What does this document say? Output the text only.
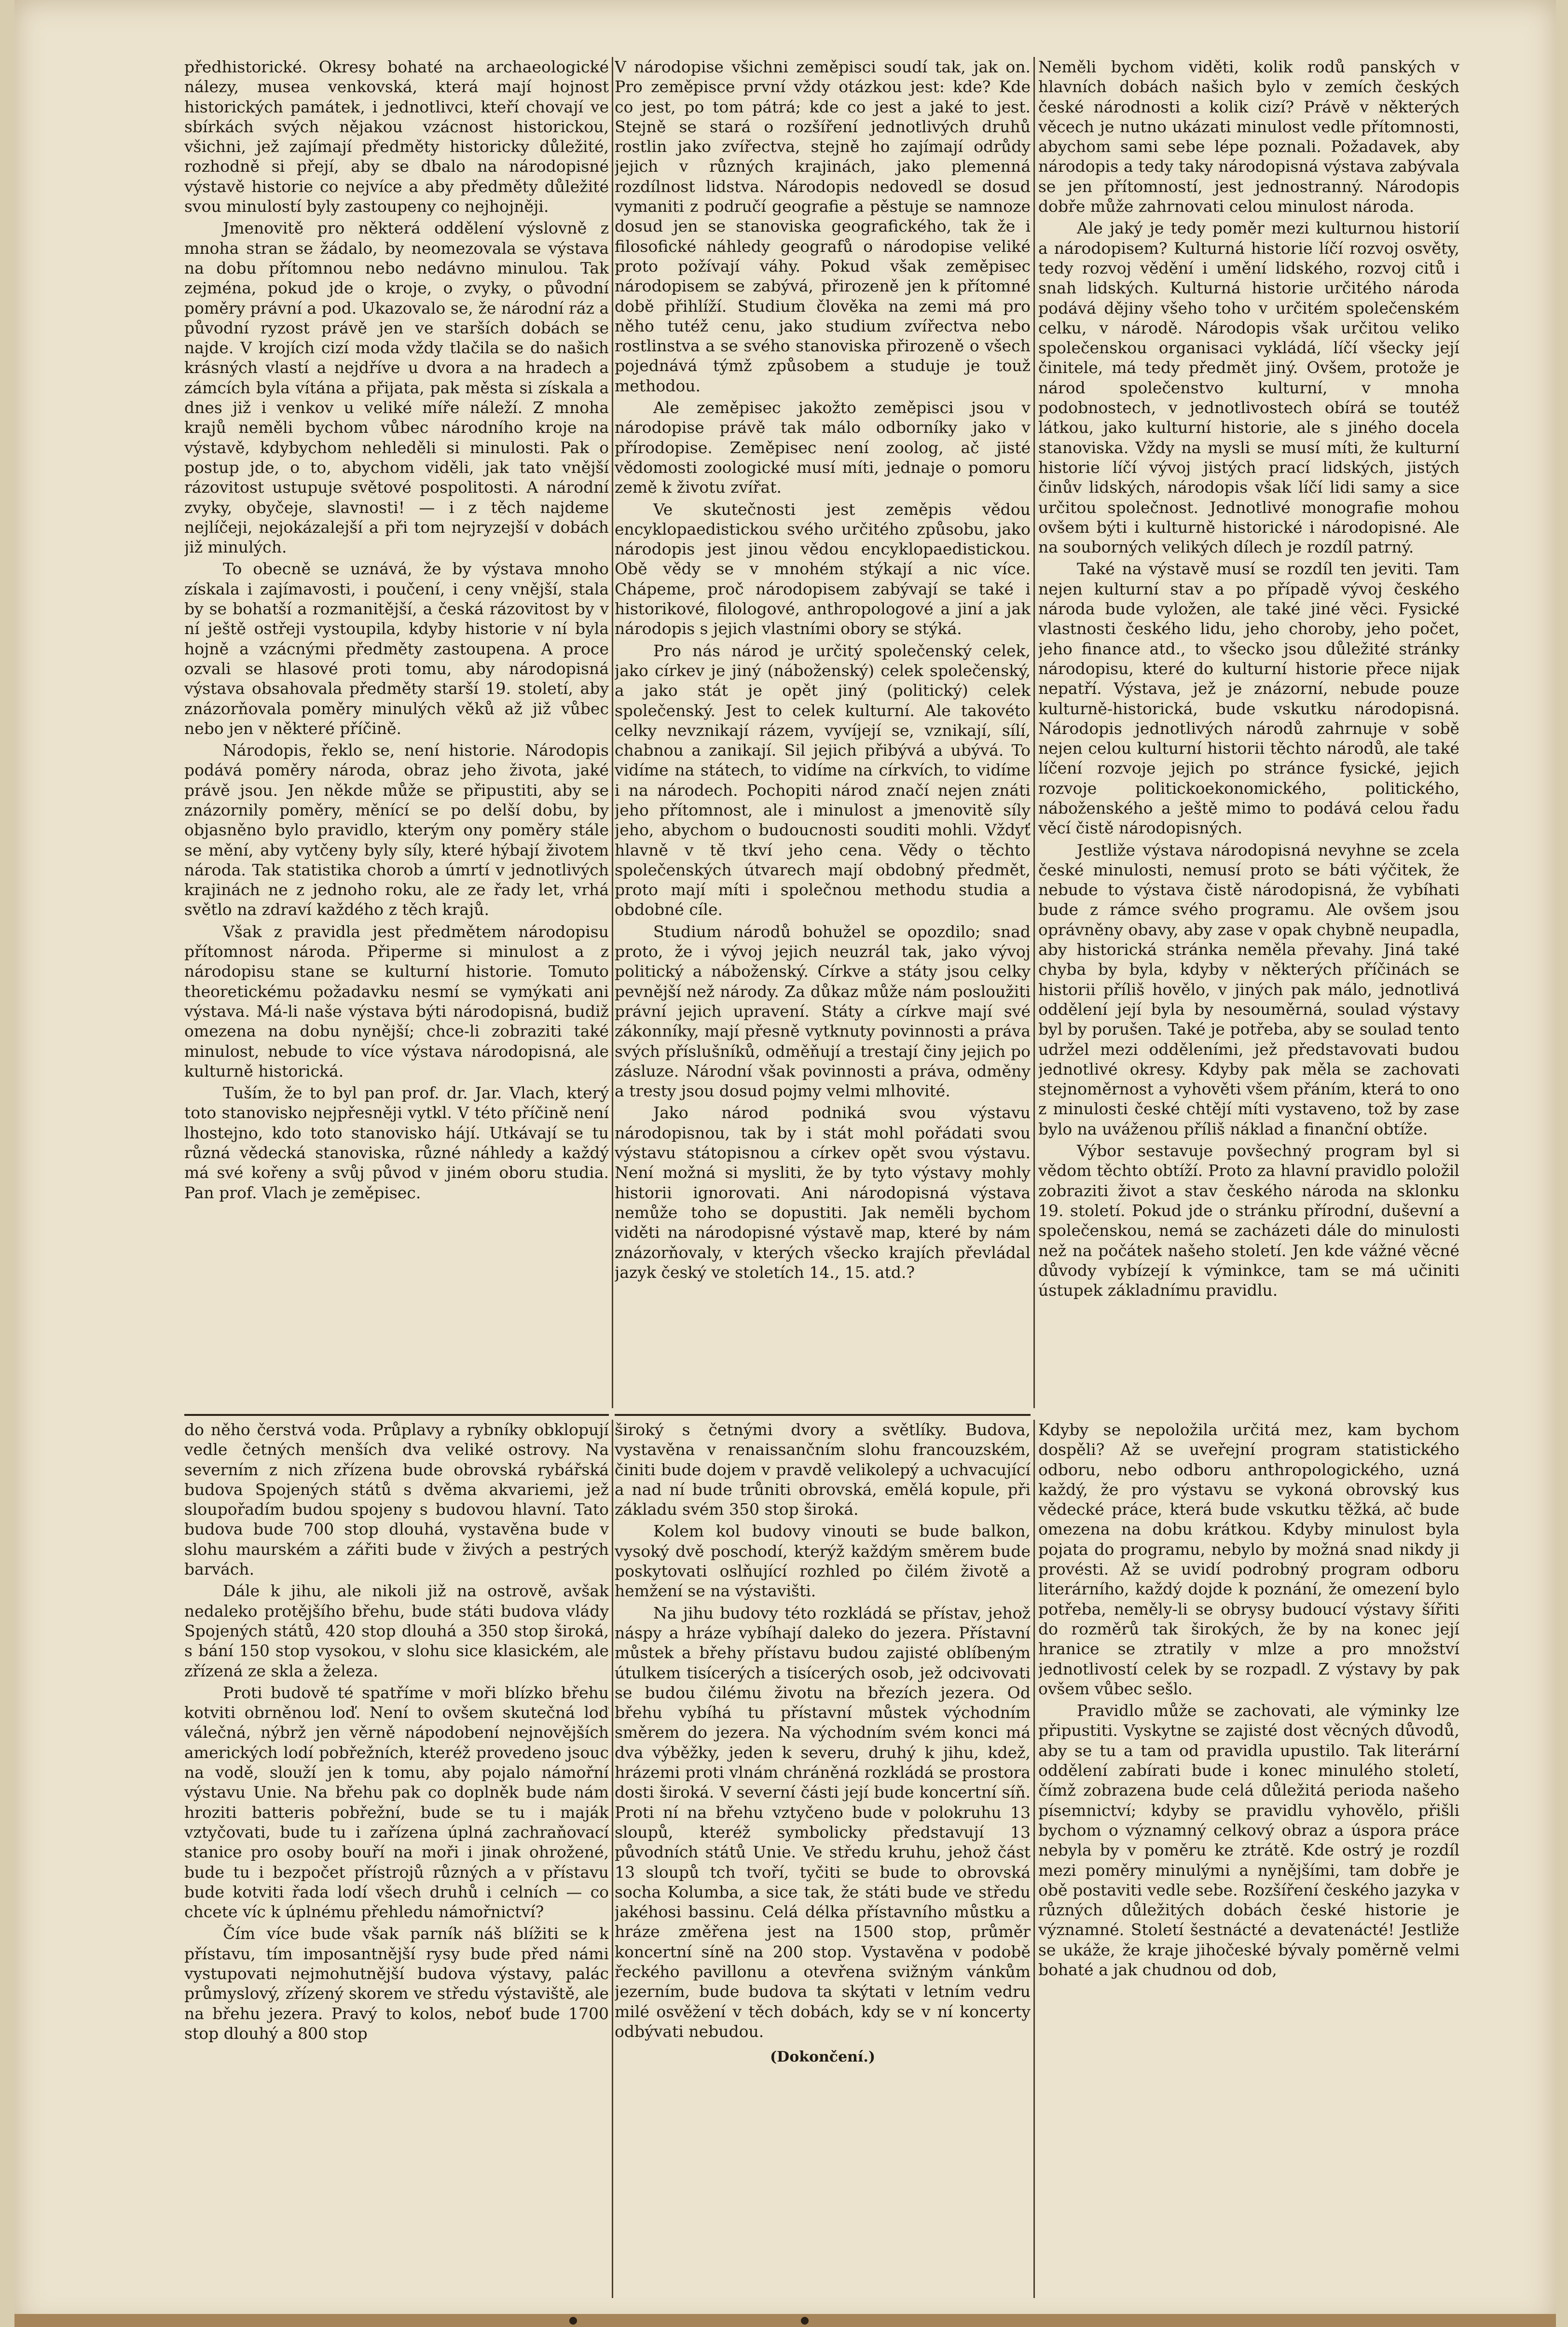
předhistorické. Okresy bohaté na archaeologické nálezy, musea venkovská, která mají hojnost historických památek, i jednotlivci, kteří chovají ve sbírkách svých nějakou vzácnost historickou, všichni, jež zajímají předměty historicky důležité, rozhodně si přejí, aby se dbalo na národopisné výstavě historie co nejvíce a aby předměty důležité svou minulostí byly zastoupeny co nejhojněji.

Jmenovitě pro některá oddělení výslovně z mnoha stran se žádalo, by neomezovala se výstava na dobu přítomnou nebo nedávno minulou. Tak zejména, pokud jde o kroje, o zvyky, o původní poměry právní a pod. Ukazovalo se, že národní ráz a původní ryzost právě jen ve starších dobách se najde. V krojích cizí moda vždy tlačila se do našich krásných vlastí a nejdříve u dvora a na hradech a zámcích byla vítána a přijata, pak města si získala a dnes již i venkov u veliké míře náleží. Z mnoha krajů neměli bychom vůbec národního kroje na výstavě, kdybychom nehleděli si minulosti. Pak o postup jde, o to, abychom viděli, jak tato vnější rázovitost ustupuje světové pospolitosti. A národní zvyky, obyčeje, slavnosti! — i z těch najdeme nejlíčeji, nejokázalejší a při tom nejryzejší v dobách již minulých.

To obecně se uznává, že by výstava mnoho získala i zajímavosti, i poučení, i ceny vnější, stala by se bohatší a rozmanitější, a česká rázovitost by v ní ještě ostřeji vystoupila, kdyby historie v ní byla hojně a vzácnými předměty zastoupena. A proce ozvali se hlasové proti tomu, aby národopisná výstava obsahovala předměty starší 19. století, aby znázorňovala poměry minulých věků až již vůbec nebo jen v některé příčině.

Národopis, řeklo se, není historie. Národopis podává poměry národa, obraz jeho života, jaké právě jsou. Jen někde může se připustiti, aby se znázornily poměry, měnící se po delší dobu, by objasněno bylo pravidlo, kterým ony poměry stále se mění, aby vytčeny byly síly, které hýbají životem národa. Tak statistika chorob a úmrtí v jednotlivých krajinách ne z jednoho roku, ale ze řady let, vrhá světlo na zdraví každého z těch krajů.

Však z pravidla jest předmětem národopisu přítomnost národa. Připerme si minulost a z národopisu stane se kulturní historie. Tomuto theoretickému požadavku nesmí se vymýkati ani výstava. Má-li naše výstava býti národopisná, budiž omezena na dobu nynější; chce-li zobraziti také minulost, nebude to více výstava národopisná, ale kulturně historická.

Tuším, že to byl pan prof. dr. Jar. Vlach, který toto stanovisko nejpřesněji vytkl. V této příčině není lhostejno, kdo toto stanovisko hájí. Utkávají se tu různá vědecká stanoviska, různé náhledy a každý má své kořeny a svůj původ v jiném oboru studia. Pan prof. Vlach je zeměpisec.

V národopise všichni zeměpisci soudí tak, jak on. Pro zeměpisce první vždy otázkou jest: kde? Kde co jest, po tom pátrá; kde co jest a jaké to jest. Stejně se stará o rozšíření jednotlivých druhů rostlin jako zvířectva, stejně ho zajímají odrůdy jejich v různých krajinách, jako plemenná rozdílnost lidstva. Národopis nedovedl se dosud vymaniti z područí geografie a pěstuje se namnoze dosud jen se stanoviska geografického, tak že i filosofické náhledy geografů o národopise veliké proto požívají váhy. Pokud však zeměpisec národopisem se zabývá, přirozeně jen k přítomné době přihlíží. Studium člověka na zemi má pro něho tutéž cenu, jako studium zvířectva nebo rostlinstva a se svého stanoviska přirozeně o všech pojednává týmž způsobem a studuje je touž methodou.

Ale zeměpisec jakožto zeměpisci jsou v národopise právě tak málo odborníky jako v přírodopise. Zeměpisec není zoolog, ač jisté vědomosti zoologické musí míti, jednaje o pomoru země k životu zvířat.

Ve skutečnosti jest zeměpis vědou encyklopaedistickou svého určitého způsobu, jako národopis jest jinou vědou encyklopaedistickou. Obě vědy se v mnohém stýkají a nic více. Chápeme, proč národopisem zabývají se také i historikové, filologové, anthropologové a jiní a jak národopis s jejich vlastními obory se stýká.

Pro nás národ je určitý společenský celek, jako církev je jiný (náboženský) celek společenský, a jako stát je opět jiný (politický) celek společenský. Jest to celek kulturní. Ale takovéto celky nevznikají rázem, vyvíjejí se, vznikají, sílí, chabnou a zanikají. Sil jejich přibývá a ubývá. To vidíme na státech, to vidíme na církvích, to vidíme i na národech. Pochopiti národ značí nejen znáti jeho přítomnost, ale i minulost a jmenovitě síly jeho, abychom o budoucnosti souditi mohli. Vždyť hlavně v tě tkví jeho cena. Vědy o těchto společenských útvarech mají obdobný předmět, proto mají míti i společnou methodu studia a obdobné cíle.

Studium národů bohužel se opozdilo; snad proto, že i vývoj jejich neuzrál tak, jako vývoj politický a náboženský. Církve a státy jsou celky pevnější než národy. Za důkaz může nám posloužiti právní jejich upravení. Státy a církve mají své zákonníky, mají přesně vytknuty povinnosti a práva svých příslušníků, odměňují a trestají činy jejich po zásluze. Národní však povinnosti a práva, odměny a tresty jsou dosud pojmy velmi mlhovité.

Jako národ podniká svou výstavu národopisnou, tak by i stát mohl pořádati svou výstavu státopisnou a církev opět svou výstavu. Není možná si mysliti, že by tyto výstavy mohly historii ignorovati. Ani národopisná výstava nemůže toho se dopustiti. Jak neměli bychom viděti na národopisné výstavě map, které by nám znázorňovaly, v kterých všecko krajích převládal jazyk český ve stoletích 14., 15. atd.?

Neměli bychom viděti, kolik rodů panských v hlavních dobách našich bylo v zemích českých české národnosti a kolik cizí? Právě v některých věcech je nutno ukázati minulost vedle přítomnosti, abychom sami sebe lépe poznali. Požadavek, aby národopis a tedy taky národopisná výstava zabývala se jen přítomností, jest jednostranný. Národopis dobře může zahrnovati celou minulost národa.

Ale jaký je tedy poměr mezi kulturnou historií a národopisem? Kulturná historie líčí rozvoj osvěty, tedy rozvoj vědění i umění lidského, rozvoj citů i snah lidských. Kulturná historie určitého národa podává dějiny všeho toho v určitém společenském celku, v národě. Národopis však určitou veliko společenskou organisaci vykládá, líčí všecky její činitele, má tedy předmět jiný. Ovšem, protože je národ společenstvo kulturní, v mnoha podobnostech, v jednotlivostech obírá se toutéž látkou, jako kulturní historie, ale s jiného docela stanoviska. Vždy na mysli se musí míti, že kulturní historie líčí vývoj jistých prací lidských, jistých činův lidských, národopis však líčí lidi samy a sice určitou společnost. Jednotlivé monografie mohou ovšem býti i kulturně historické i národopisné. Ale na souborných velikých dílech je rozdíl patrný.

Také na výstavě musí se rozdíl ten jeviti. Tam nejen kulturní stav a po případě vývoj českého národa bude vyložen, ale také jiné věci. Fysické vlastnosti českého lidu, jeho choroby, jeho počet, jeho finance atd., to všecko jsou důležité stránky národopisu, které do kulturní historie přece nijak nepatří. Výstava, jež je znázorní, nebude pouze kulturně-historická, bude vskutku národopisná. Národopis jednotlivých národů zahrnuje v sobě nejen celou kulturní historii těchto národů, ale také líčení rozvoje jejich po stránce fysické, jejich rozvoje politickoekonomického, politického, náboženského a ještě mimo to podává celou řadu věcí čistě národopisných.

Jestliže výstava národopisná nevyhne se zcela české minulosti, nemusí proto se báti výčitek, že nebude to výstava čistě národopisná, že vybíhati bude z rámce svého programu. Ale ovšem jsou oprávněny obavy, aby zase v opak chybně neupadla, aby historická stránka neměla převahy. Jiná také chyba by byla, kdyby v některých příčinách se historii příliš hovělo, v jiných pak málo, jednotlivá oddělení její byla by nesouměrná, soulad výstavy byl by porušen. Také je potřeba, aby se soulad tento udržel mezi odděleními, jež představovati budou jednotlivé okresy. Kdyby pak měla se zachovati stejnoměrnost a vyhověti všem přáním, která to ono z minulosti české chtějí míti vystaveno, tož by zase bylo na uváženou příliš náklad a finanční obtíže.

Výbor sestavuje povšechný program byl si vědom těchto obtíží. Proto za hlavní pravidlo položil zobraziti život a stav českého národa na sklonku 19. století. Pokud jde o stránku přírodní, duševní a společenskou, nemá se zacházeti dále do minulosti než na počátek našeho století. Jen kde vážné věcné důvody vybízejí k výminkce, tam se má učiniti ústupek základnímu pravidlu.

do něho čerstvá voda. Průplavy a rybníky obklopují vedle četných menších dva veliké ostrovy. Na severním z nich zřízena bude obrovská rybářská budova Spojených států s dvěma akvariemi, jež sloupořadím budou spojeny s budovou hlavní. Tato budova bude 700 stop dlouhá, vystavěna bude v slohu maurském a zářiti bude v živých a pestrých barvách.

Dále k jihu, ale nikoli již na ostrově, avšak nedaleko protějšího břehu, bude státi budova vlády Spojených států, 420 stop dlouhá a 350 stop široká, s bání 150 stop vysokou, v slohu sice klasickém, ale zřízená ze skla a železa.

Proti budově té spatříme v moři blízko břehu kotviti obrněnou loď. Není to ovšem skutečná loď válečná, nýbrž jen věrně nápodobení nejnovějších amerických lodí pobřežních, kteréž provedeno jsouc na vodě, slouží jen k tomu, aby pojalo námořní výstavu Unie. Na břehu pak co doplněk bude nám hroziti batteris pobřežní, bude se tu i maják vztyčovati, bude tu i zařízena úplná zachraňovací stanice pro osoby bouří na moři i jinak ohrožené, bude tu i bezpočet přístrojů různých a v přístavu bude kotviti řada lodí všech druhů i celních — co chcete víc k úplnému přehledu námořnictví?

Čím více bude však parník náš blížiti se k přístavu, tím imposantnější rysy bude před námi vystupovati nejmohutnější budova výstavy, palác průmyslový, zřízený skorem ve středu výstaviště, ale na břehu jezera. Pravý to kolos, neboť bude 1700 stop dlouhý a 800 stop

široký s četnými dvory a světlíky. Budova, vystavěna v renaissančním slohu francouzském, činiti bude dojem v pravdě velikolepý a uchvacující a nad ní bude trůniti obrovská, emělá kopule, při základu svém 350 stop široká.

Kolem kol budovy vinouti se bude balkon, vysoký dvě poschodí, kterýž každým směrem bude poskytovati oslňující rozhled po čilém životě a hemžení se na výstavišti.

Na jihu budovy této rozkládá se přístav, jehož náspy a hráze vybíhají daleko do jezera. Přístavní můstek a břehy přístavu budou zajisté oblíbeným útulkem tisícerých a tisícerých osob, jež odcivovati se budou čilému životu na březích jezera. Od břehu vybíhá tu přístavní můstek východním směrem do jezera. Na východním svém konci má dva výběžky, jeden k severu, druhý k jihu, kdež, hrázemi proti vlnám chráněná rozkládá se prostora dosti široká. V severní části její bude koncertní síň. Proti ní na břehu vztyčeno bude v polokruhu 13 sloupů, kteréž symbolicky představují 13 původních států Unie. Ve středu kruhu, jehož část 13 sloupů tch tvoří, tyčiti se bude to obrovská socha Kolumba, a sice tak, že státi bude ve středu jakéhosi bassinu. Celá délka přístavního můstku a hráze změřena jest na 1500 stop, průměr koncertní síně na 200 stop. Vystavěna v podobě řeckého pavillonu a otevřena svižným vánkům jezerním, bude budova ta skýtati v letním vedru milé osvěžení v těch dobách, kdy se v ní koncerty odbývati nebudou.

(Dokončení.)

Kdyby se nepoložila určitá mez, kam bychom dospěli? Až se uveřejní program statistického odboru, nebo odboru anthropologického, uzná každý, že pro výstavu se vykoná obrovský kus vědecké práce, která bude vskutku těžká, ač bude omezena na dobu krátkou. Kdyby minulost byla pojata do programu, nebylo by možná snad nikdy ji provésti. Až se uvidí podrobný program odboru literárního, každý dojde k poznání, že omezení bylo potřeba, neměly-li se obrysy budoucí výstavy šířiti do rozměrů tak širokých, že by na konec její hranice se ztratily v mlze a pro množství jednotlivostí celek by se rozpadl. Z výstavy by pak ovšem vůbec sešlo.

Pravidlo může se zachovati, ale výminky lze připustiti. Vyskytne se zajisté dost věcných důvodů, aby se tu a tam od pravidla upustilo. Tak literární oddělení zabírati bude i konec minulého století, čímž zobrazena bude celá důležitá perioda našeho písemnictví; kdyby se pravidlu vyhovělo, přišli bychom o významný celkový obraz a úspora práce nebyla by v poměru ke ztrátě. Kde ostrý je rozdíl mezi poměry minulými a nynějšími, tam dobře je obě postaviti vedle sebe. Rozšíření českého jazyka v různých důležitých dobách české historie je významné. Století šestnácté a devatenácté! Jestliže se ukáže, že kraje jihočeské bývaly poměrně velmi bohaté a jak chudnou od dob,
